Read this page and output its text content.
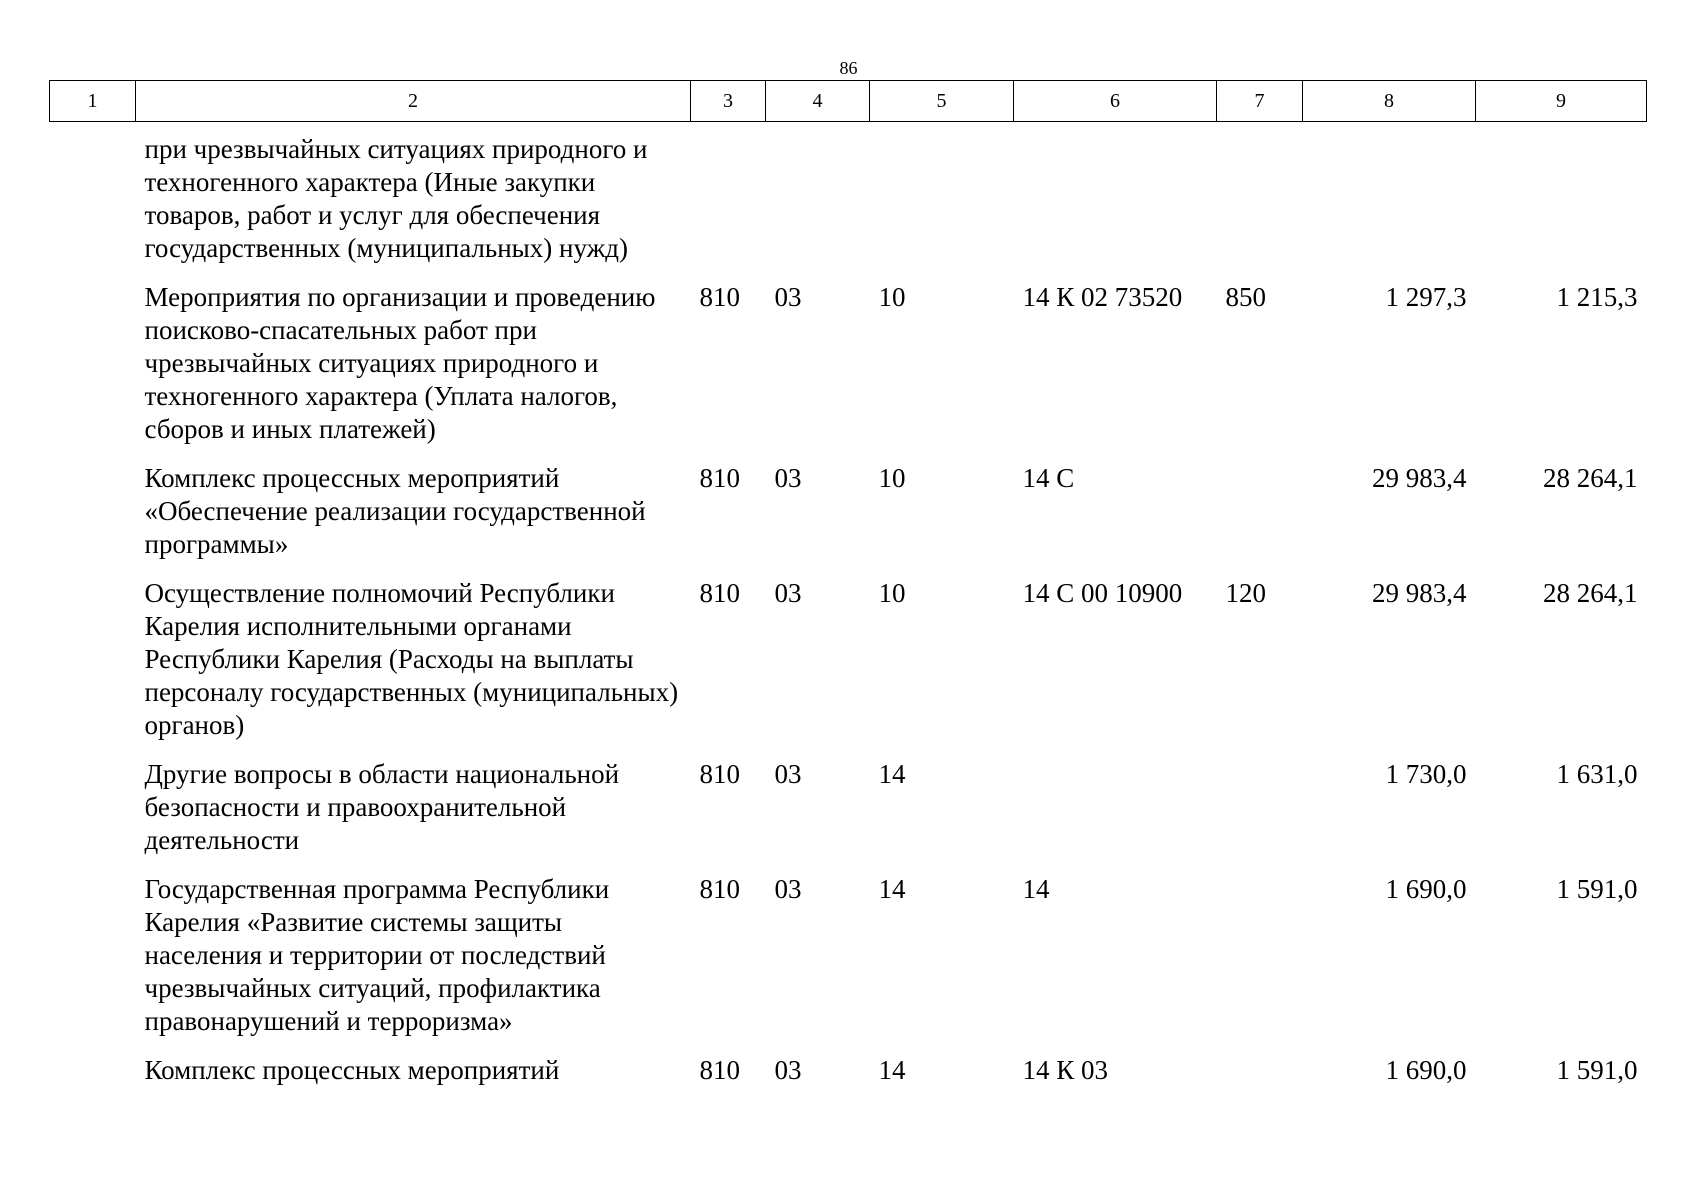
86
1	2	3	4	5	6	7	8	9
	при чрезвычайных ситуациях природного и техногенного характера (Иные закупки товаров, работ и услуг для обеспечения государственных (муниципальных) нужд)							
	Мероприятия по организации и проведению поисково-спасательных работ при чрезвычайных ситуациях природного и техногенного характера (Уплата налогов, сборов и иных платежей)	810	03	10	14 К 02 73520	850	1 297,3	1 215,3
	Комплекс процессных мероприятий «Обеспечение реализации государственной программы»	810	03	10	14 С		29 983,4	28 264,1
	Осуществление полномочий Республики Карелия исполнительными органами Республики Карелия (Расходы на выплаты персоналу государственных (муниципальных) органов)	810	03	10	14 С 00 10900	120	29 983,4	28 264,1
	Другие вопросы в области национальной безопасности и правоохранительной деятельности	810	03	14			1 730,0	1 631,0
	Государственная программа Республики Карелия «Развитие системы защиты населения и территории от последствий чрезвычайных ситуаций, профилактика правонарушений и терроризма»	810	03	14	14		1 690,0	1 591,0
	Комплекс процессных мероприятий	810	03	14	14 К 03		1 690,0	1 591,0
